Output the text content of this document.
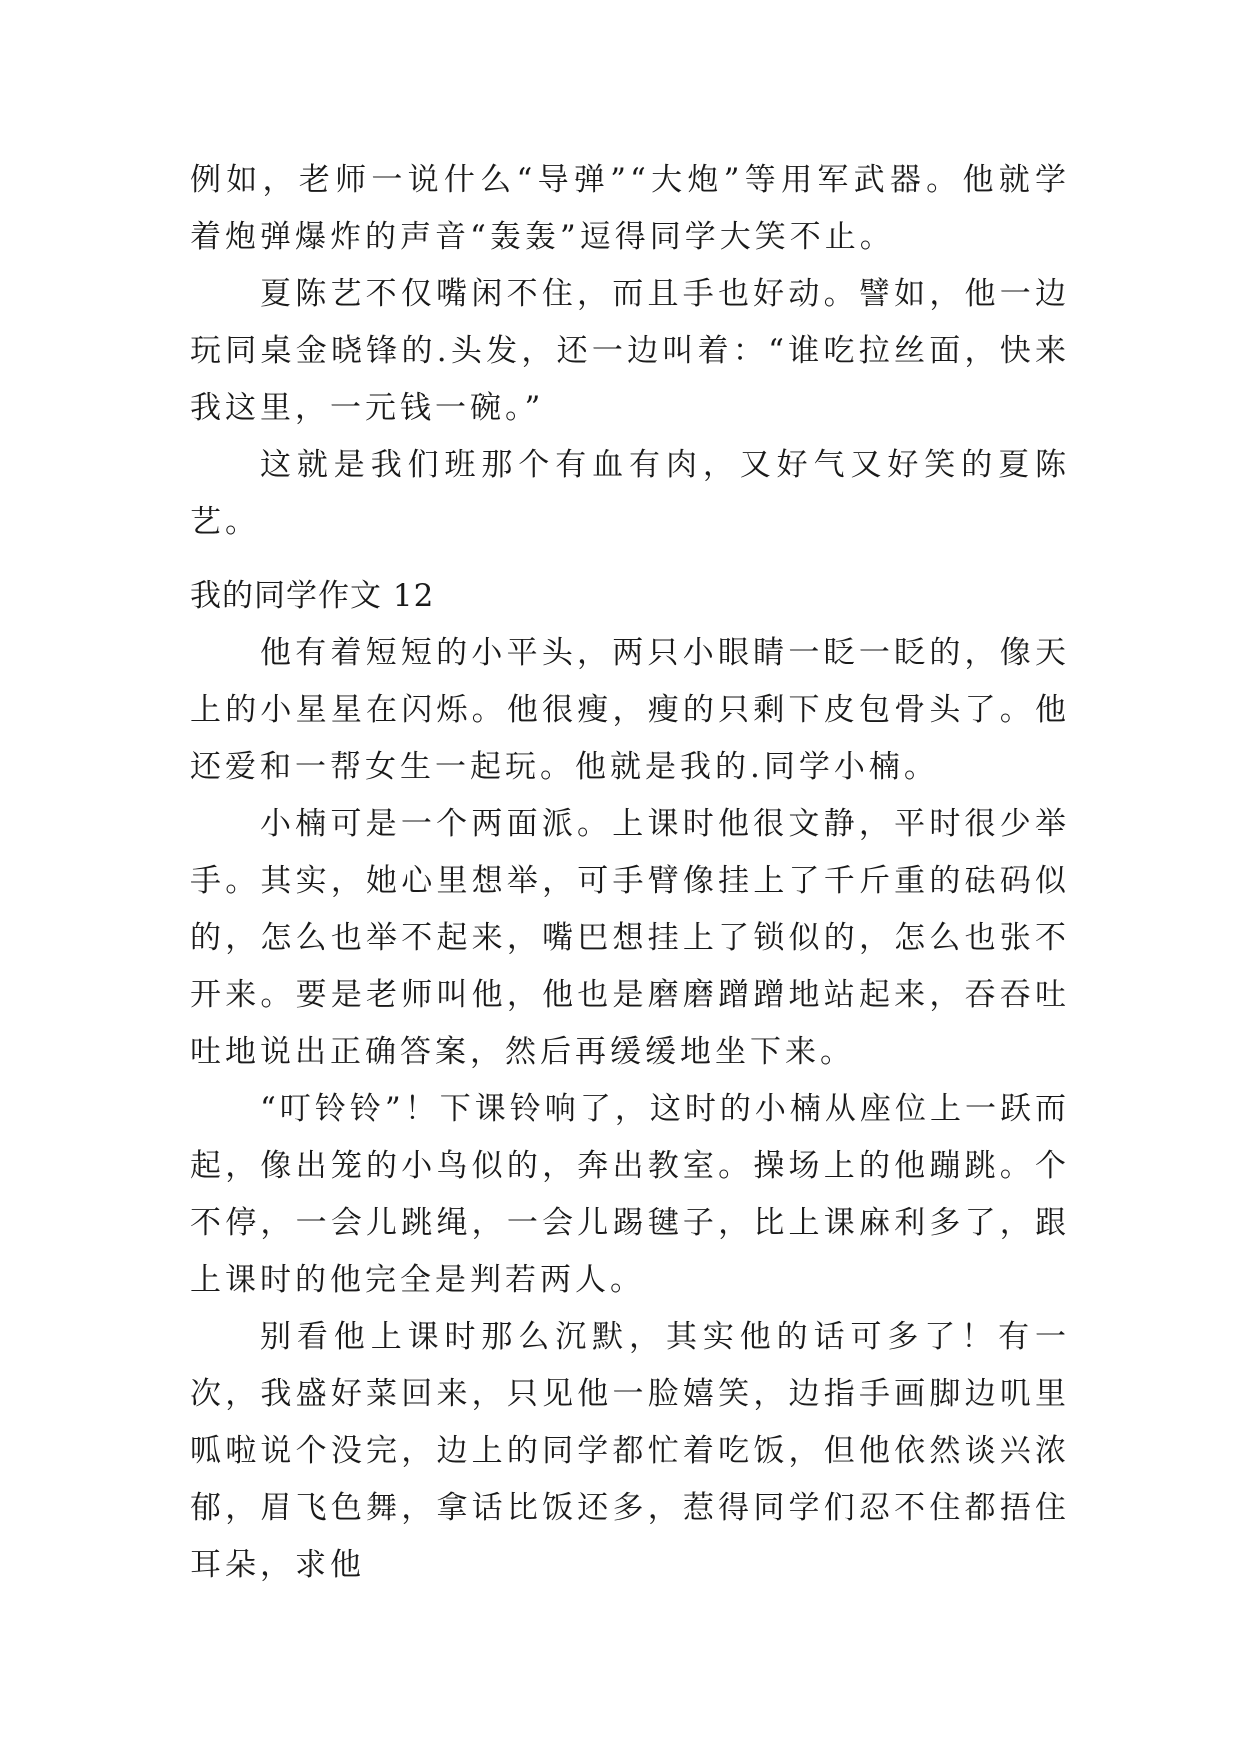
例如，老师一说什么“导弹”“大炮”等用军武器。他就学着炮弹爆炸的声音“轰轰”逗得同学大笑不止。

夏陈艺不仅嘴闲不住，而且手也好动。譬如，他一边玩同桌金晓锋的.头发，还一边叫着：“谁吃拉丝面，快来我这里，一元钱一碗。”

这就是我们班那个有血有肉，又好气又好笑的夏陈艺。

我的同学作文 12

他有着短短的小平头，两只小眼睛一眨一眨的，像天上的小星星在闪烁。他很瘦，瘦的只剩下皮包骨头了。他还爱和一帮女生一起玩。他就是我的.同学小楠。

小楠可是一个两面派。上课时他很文静，平时很少举手。其实，她心里想举，可手臂像挂上了千斤重的砝码似的，怎么也举不起来，嘴巴想挂上了锁似的，怎么也张不开来。要是老师叫他，他也是磨磨蹭蹭地站起来，吞吞吐吐地说出正确答案，然后再缓缓地坐下来。

“叮铃铃”！下课铃响了，这时的小楠从座位上一跃而起，像出笼的小鸟似的，奔出教室。操场上的他蹦跳。个不停，一会儿跳绳，一会儿踢毽子，比上课麻利多了，跟上课时的他完全是判若两人。

别看他上课时那么沉默，其实他的话可多了！有一次，我盛好菜回来，只见他一脸嬉笑，边指手画脚边叽里呱啦说个没完，边上的同学都忙着吃饭，但他依然谈兴浓郁，眉飞色舞，拿话比饭还多，惹得同学们忍不住都捂住耳朵，求他
